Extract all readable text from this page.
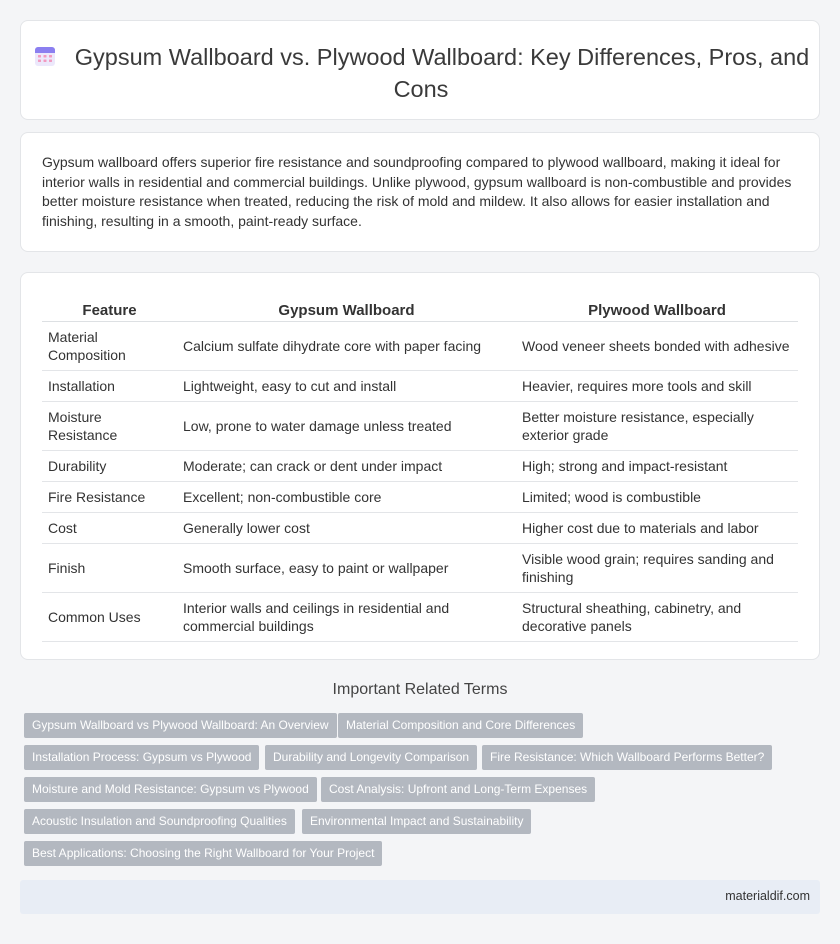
Gypsum Wallboard vs. Plywood Wallboard: Key Differences, Pros, and Cons

Gypsum wallboard offers superior fire resistance and soundproofing compared to plywood wallboard, making it ideal for interior walls in residential and commercial buildings. Unlike plywood, gypsum wallboard is non-combustible and provides better moisture resistance when treated, reducing the risk of mold and mildew. It also allows for easier installation and finishing, resulting in a smooth, paint-ready surface.

Feature	Gypsum Wallboard	Plywood Wallboard
Material Composition	Calcium sulfate dihydrate core with paper facing	Wood veneer sheets bonded with adhesive
Installation	Lightweight, easy to cut and install	Heavier, requires more tools and skill
Moisture Resistance	Low, prone to water damage unless treated	Better moisture resistance, especially exterior grade
Durability	Moderate; can crack or dent under impact	High; strong and impact-resistant
Fire Resistance	Excellent; non-combustible core	Limited; wood is combustible
Cost	Generally lower cost	Higher cost due to materials and labor
Finish	Smooth surface, easy to paint or wallpaper	Visible wood grain; requires sanding and finishing
Common Uses	Interior walls and ceilings in residential and commercial buildings	Structural sheathing, cabinetry, and decorative panels
Important Related Terms
Gypsum Wallboard vs Plywood Wallboard: An Overview	Material Composition and Core Differences
Installation Process: Gypsum vs Plywood	Durability and Longevity Comparison	Fire Resistance: Which Wallboard Performs Better?
Moisture and Mold Resistance: Gypsum vs Plywood	Cost Analysis: Upfront and Long-Term Expenses
Acoustic Insulation and Soundproofing Qualities	Environmental Impact and Sustainability
Best Applications: Choosing the Right Wallboard for Your Project
materialdif.com
